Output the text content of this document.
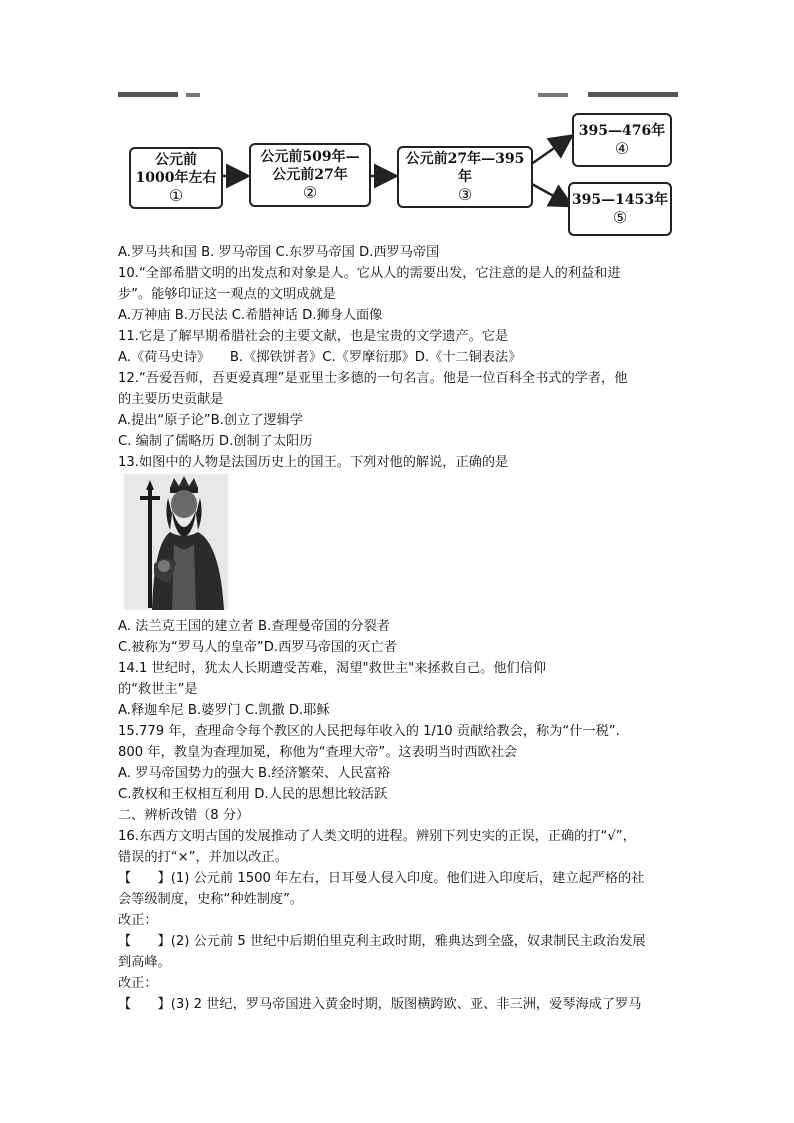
公元前
1000年左右
①
公元前509年—
公元前27年
②
公元前27年—395年
③
395—476年
④
395—1453年
⑤
A.罗马共和国 B. 罗马帝国 C.东罗马帝国 D.西罗马帝国
10.“全部希腊文明的出发点和对象是人。它从人的需要出发，它注意的是人的利益和进
步”。能够印证这一观点的文明成就是
A.万神庙 B.万民法 C.希腊神话 D.狮身人面像
11.它是了解早期希腊社会的主要文献，也是宝贵的文学遗产。它是
A.《荷马史诗》　　B.《掷铁饼者》C.《罗摩衍那》D.《十二铜表法》
12.“吾爱吾师，吾更爱真理”是亚里士多德的一句名言。他是一位百科全书式的学者，他
的主要历史贡献是
A.提出“原子论”B.创立了逻辑学
C. 编制了儒略历 D.创制了太阳历
13.如图中的人物是法国历史上的国王。下列对他的解说，正确的是
A. 法兰克王国的建立者 B.查理曼帝国的分裂者
C.被称为“罗马人的皇帝”D.西罗马帝国的灭亡者
14.1 世纪时，犹太人长期遭受苦难，渴望"救世主"来拯救自己。他们信仰
的“救世主”是
A.释迦牟尼 B.婆罗门 C.凯撒 D.耶稣
15.779 年，查理命令每个教区的人民把每年收入的 1/10 贡献给教会，称为“什一税”.
800 年，教皇为查理加冕，称他为“查理大帝”。这表明当时西欧社会
A. 罗马帝国势力的强大 B.经济繁荣、人民富裕
C.教权和王权相互利用 D.人民的思想比较活跃
二、辨析改错（8 分）
16.东西方文明古国的发展推动了人类文明的进程。辨别下列史实的正误，正确的打“√”，
错误的打“×”，并加以改正。
【　　】(1) 公元前 1500 年左右，日耳曼人侵入印度。他们进入印度后，建立起严格的社
会等级制度，史称“种姓制度”。
改正：
【　　】(2) 公元前 5 世纪中后期伯里克利主政时期，雅典达到全盛，奴隶制民主政治发展
到高峰。
改正：
【　　】(3) 2 世纪，罗马帝国进入黄金时期，版图横跨欧、亚、非三洲，爱琴海成了罗马
